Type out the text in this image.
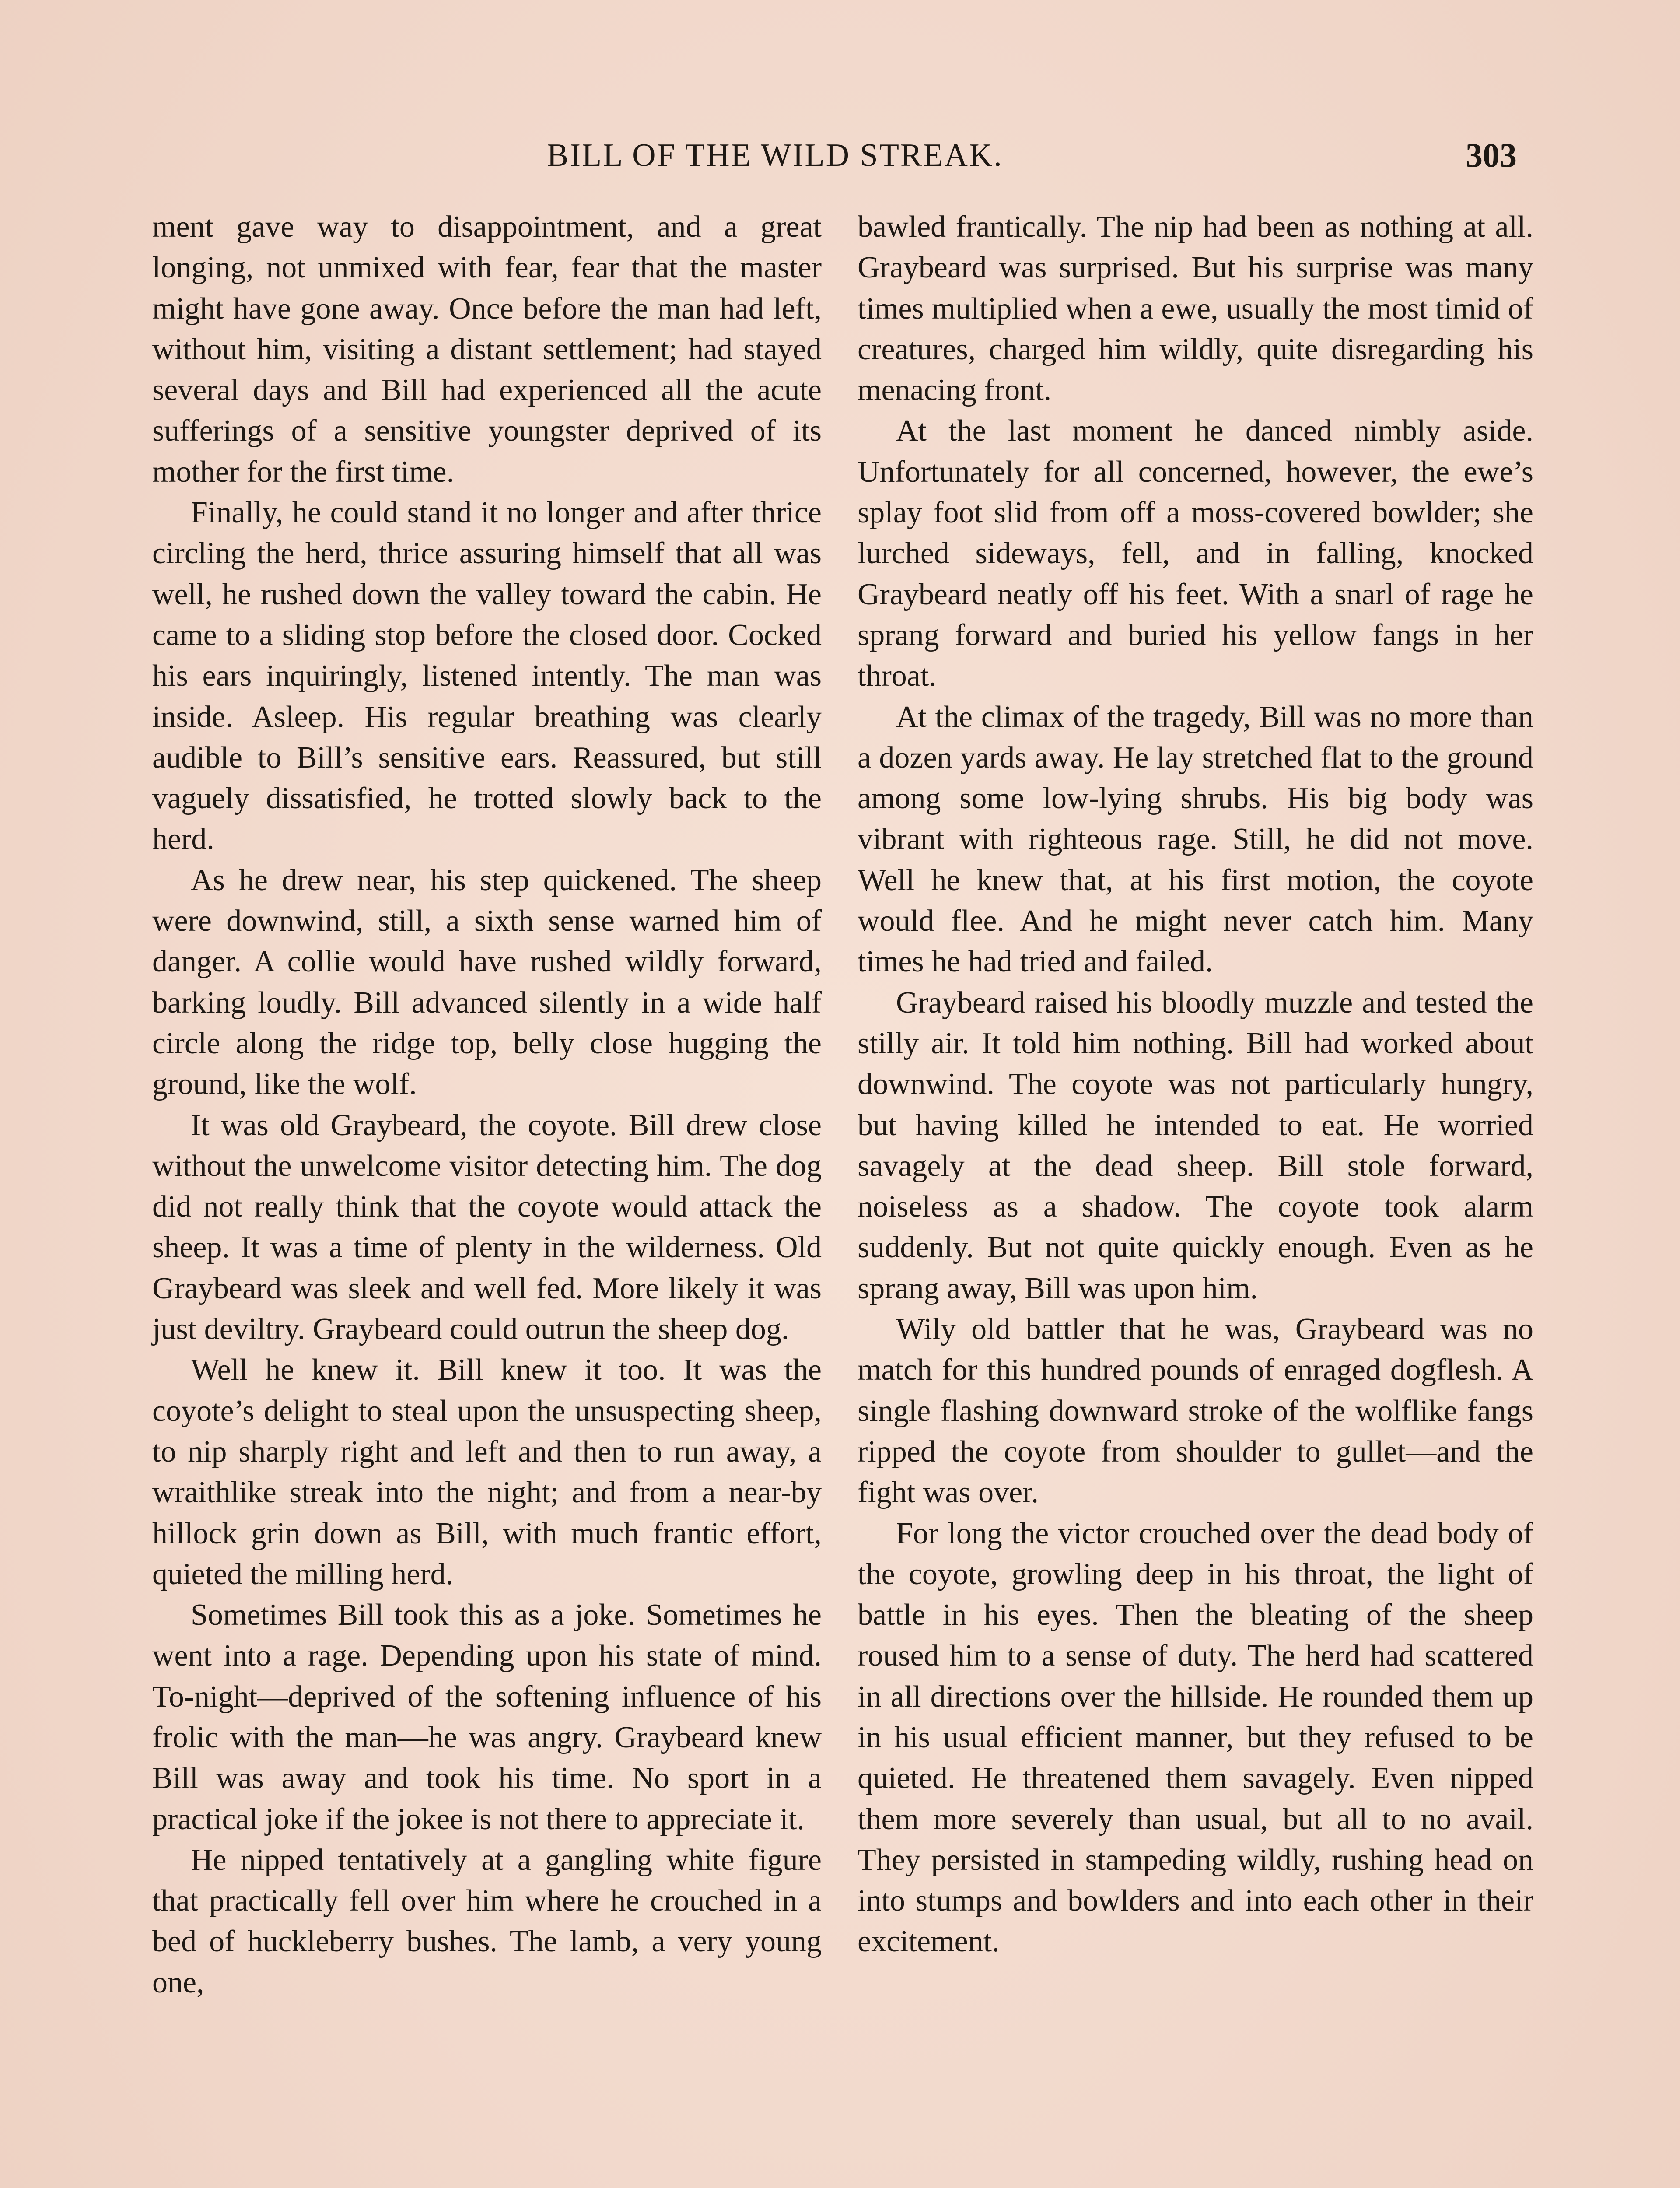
BILL OF THE WILD STREAK.	303

ment gave way to disappointment, and a great longing, not unmixed with fear, fear that the master might have gone away. Once before the man had left, without him, visiting a distant settlement; had stayed several days and Bill had experienced all the acute sufferings of a sensitive youngster deprived of its mother for the first time.

Finally, he could stand it no longer and after thrice circling the herd, thrice assuring himself that all was well, he rushed down the valley toward the cabin. He came to a sliding stop before the closed door. Cocked his ears inquiringly, listened intently. The man was inside. Asleep. His regular breathing was clearly audible to Bill’s sensitive ears. Reassured, but still vaguely dissatisfied, he trotted slowly back to the herd.

As he drew near, his step quickened. The sheep were downwind, still, a sixth sense warned him of danger. A collie would have rushed wildly forward, barking loudly. Bill advanced silently in a wide half circle along the ridge top, belly close hugging the ground, like the wolf.

It was old Graybeard, the coyote. Bill drew close without the unwelcome visitor detecting him. The dog did not really think that the coyote would attack the sheep. It was a time of plenty in the wilderness. Old Graybeard was sleek and well fed. More likely it was just deviltry. Graybeard could outrun the sheep dog.

Well he knew it. Bill knew it too. It was the coyote’s delight to steal upon the unsuspecting sheep, to nip sharply right and left and then to run away, a wraithlike streak into the night; and from a near-by hillock grin down as Bill, with much frantic effort, quieted the milling herd.

Sometimes Bill took this as a joke. Sometimes he went into a rage. Depending upon his state of mind. To-night—deprived of the softening influence of his frolic with the man—he was angry. Graybeard knew Bill was away and took his time. No sport in a practical joke if the jokee is not there to appreciate it.

He nipped tentatively at a gangling white figure that practically fell over him where he crouched in a bed of huckleberry bushes. The lamb, a very young one,

bawled frantically. The nip had been as nothing at all. Graybeard was surprised. But his surprise was many times multiplied when a ewe, usually the most timid of creatures, charged him wildly, quite disregarding his menacing front.

At the last moment he danced nimbly aside. Unfortunately for all concerned, however, the ewe’s splay foot slid from off a moss-covered bowlder; she lurched sideways, fell, and in falling, knocked Graybeard neatly off his feet. With a snarl of rage he sprang forward and buried his yellow fangs in her throat.

At the climax of the tragedy, Bill was no more than a dozen yards away. He lay stretched flat to the ground among some low-lying shrubs. His big body was vibrant with righteous rage. Still, he did not move. Well he knew that, at his first motion, the coyote would flee. And he might never catch him. Many times he had tried and failed.

Graybeard raised his bloodly muzzle and tested the stilly air. It told him nothing. Bill had worked about downwind. The coyote was not particularly hungry, but having killed he intended to eat. He worried savagely at the dead sheep. Bill stole forward, noiseless as a shadow. The coyote took alarm suddenly. But not quite quickly enough. Even as he sprang away, Bill was upon him.

Wily old battler that he was, Graybeard was no match for this hundred pounds of enraged dogflesh. A single flashing downward stroke of the wolflike fangs ripped the coyote from shoulder to gullet—and the fight was over.

For long the victor crouched over the dead body of the coyote, growling deep in his throat, the light of battle in his eyes. Then the bleating of the sheep roused him to a sense of duty. The herd had scattered in all directions over the hillside. He rounded them up in his usual efficient manner, but they refused to be quieted. He threatened them savagely. Even nipped them more severely than usual, but all to no avail. They persisted in stampeding wildly, rushing head on into stumps and bowlders and into each other in their excitement.
